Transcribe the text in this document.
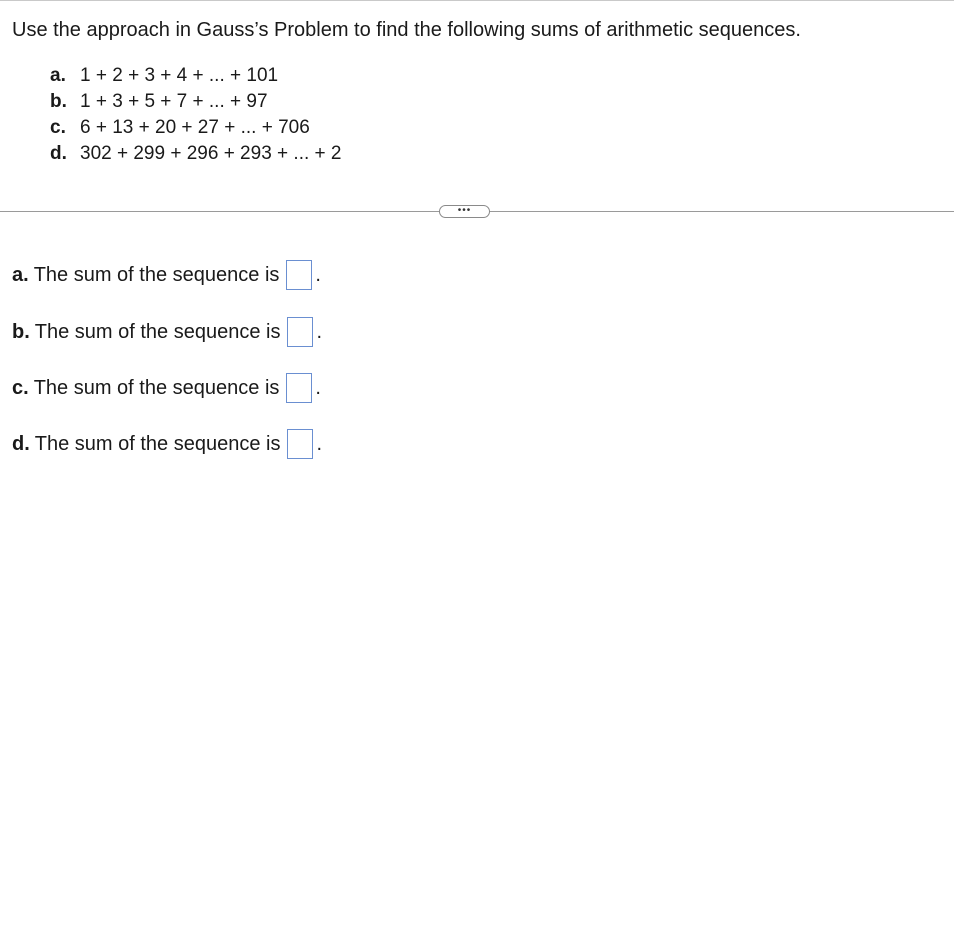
Use the approach in Gauss’s Problem to find the following sums of arithmetic sequences.
a. 1 + 2 + 3 + 4 + ... + 101
b. 1 + 3 + 5 + 7 + ... + 97
c. 6 + 13 + 20 + 27 + ... + 706
d. 302 + 299 + 296 + 293 + ... + 2
•••
a. The sum of the sequence is .
b. The sum of the sequence is .
c. The sum of the sequence is .
d. The sum of the sequence is .
